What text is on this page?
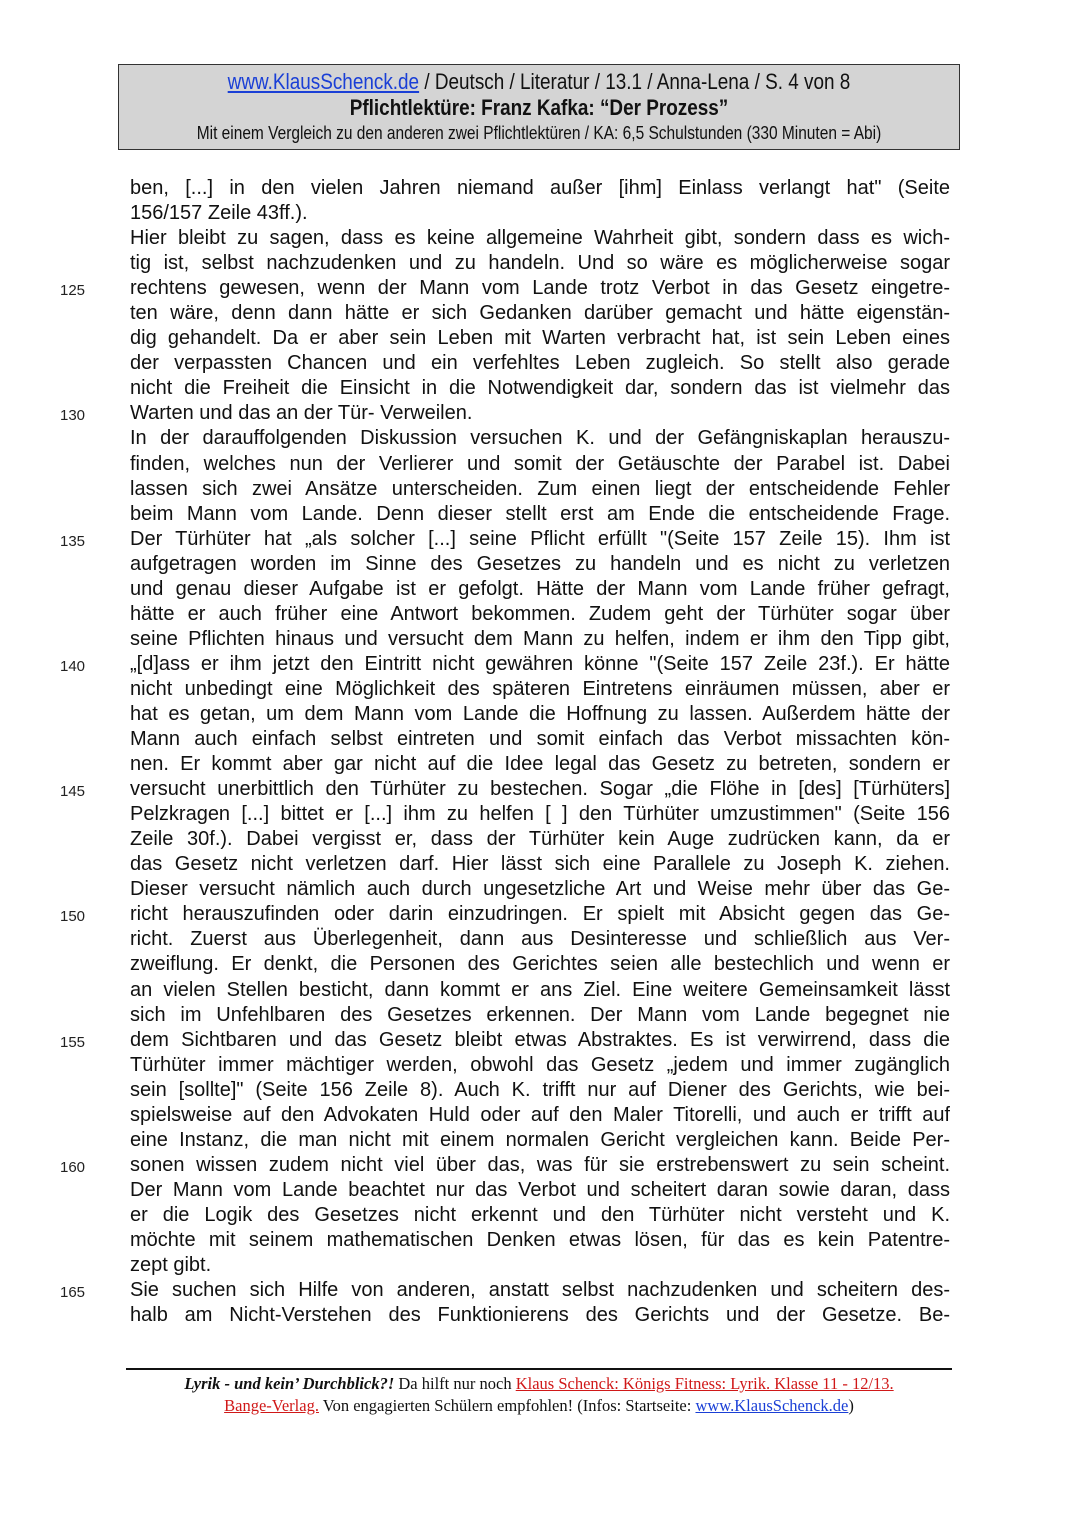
www.KlausSchenck.de / Deutsch / Literatur / 13.1 / Anna-Lena / S. 4 von 8
Pflichtlektüre: Franz Kafka: “Der Prozess”
Mit einem Vergleich zu den anderen zwei Pflichtlektüren / KA: 6,5 Schulstunden (330 Minuten = Abi)
ben, [...] in den vielen Jahren niemand außer [ihm] Einlass verlangt hat" (Seite
156/157 Zeile 43ff.).
Hier bleibt zu sagen, dass es keine allgemeine Wahrheit gibt, sondern dass es wich-
tig ist, selbst nachzudenken und zu handeln. Und so wäre es möglicherweise sogar
125	rechtens gewesen, wenn der Mann vom Lande trotz Verbot in das Gesetz eingetre-
ten wäre, denn dann hätte er sich Gedanken darüber gemacht und hätte eigenstän-
dig gehandelt. Da er aber sein Leben mit Warten verbracht hat, ist sein Leben eines
der verpassten Chancen und ein verfehltes Leben zugleich. So stellt also gerade
nicht die Freiheit die Einsicht in die Notwendigkeit dar, sondern das ist vielmehr das
130	Warten und das an der Tür- Verweilen.
In der darauffolgenden Diskussion versuchen K. und der Gefängniskaplan herauszu-
finden, welches nun der Verlierer und somit der Getäuschte der Parabel ist. Dabei
lassen sich zwei Ansätze unterscheiden. Zum einen liegt der entscheidende Fehler
beim Mann vom Lande. Denn dieser stellt erst am Ende die entscheidende Frage.
135	Der Türhüter hat „als solcher [...] seine Pflicht erfüllt "(Seite 157 Zeile 15). Ihm ist
aufgetragen worden im Sinne des Gesetzes zu handeln und es nicht zu verletzen
und genau dieser Aufgabe ist er gefolgt. Hätte der Mann vom Lande früher gefragt,
hätte er auch früher eine Antwort bekommen. Zudem geht der Türhüter sogar über
seine Pflichten hinaus und versucht dem Mann zu helfen, indem er ihm den Tipp gibt,
140	„[d]ass er ihm jetzt den Eintritt nicht gewähren könne "(Seite 157 Zeile 23f.). Er hätte
nicht unbedingt eine Möglichkeit des späteren Eintretens einräumen müssen, aber er
hat es getan, um dem Mann vom Lande die Hoffnung zu lassen. Außerdem hätte der
Mann auch einfach selbst eintreten und somit einfach das Verbot missachten kön-
nen. Er kommt aber gar nicht auf die Idee legal das Gesetz zu betreten, sondern er
145	versucht unerbittlich den Türhüter zu bestechen. Sogar „die Flöhe in [des] [Türhüters]
Pelzkragen [...] bittet er [...] ihm zu helfen [ ] den Türhüter umzustimmen" (Seite 156
Zeile 30f.). Dabei vergisst er, dass der Türhüter kein Auge zudrücken kann, da er
das Gesetz nicht verletzen darf. Hier lässt sich eine Parallele zu Joseph K. ziehen.
Dieser versucht nämlich auch durch ungesetzliche Art und Weise mehr über das Ge-
150	richt herauszufinden oder darin einzudringen. Er spielt mit Absicht gegen das Ge-
richt. Zuerst aus Überlegenheit, dann aus Desinteresse und schließlich aus Ver-
zweiflung. Er denkt, die Personen des Gerichtes seien alle bestechlich und wenn er
an vielen Stellen besticht, dann kommt er ans Ziel. Eine weitere Gemeinsamkeit lässt
sich im Unfehlbaren des Gesetzes erkennen. Der Mann vom Lande begegnet nie
155	dem Sichtbaren und das Gesetz bleibt etwas Abstraktes. Es ist verwirrend, dass die
Türhüter immer mächtiger werden, obwohl das Gesetz „jedem und immer zugänglich
sein [sollte]" (Seite 156 Zeile 8). Auch K. trifft nur auf Diener des Gerichts, wie bei-
spielsweise auf den Advokaten Huld oder auf den Maler Titorelli, und auch er trifft auf
eine Instanz, die man nicht mit einem normalen Gericht vergleichen kann. Beide Per-
160	sonen wissen zudem nicht viel über das, was für sie erstrebenswert zu sein scheint.
Der Mann vom Lande beachtet nur das Verbot und scheitert daran sowie daran, dass
er die Logik des Gesetzes nicht erkennt und den Türhüter nicht versteht und K.
möchte mit seinem mathematischen Denken etwas lösen, für das es kein Patentre-
zept gibt.
165	Sie suchen sich Hilfe von anderen, anstatt selbst nachzudenken und scheitern des-
halb am Nicht-Verstehen des Funktionierens des Gerichts und der Gesetze. Be-
Lyrik - und kein’ Durchblick?! Da hilft nur noch Klaus Schenck: Königs Fitness: Lyrik. Klasse 11 - 12/13.
Bange-Verlag. Von engagierten Schülern empfohlen! (Infos: Startseite: www.KlausSchenck.de)
